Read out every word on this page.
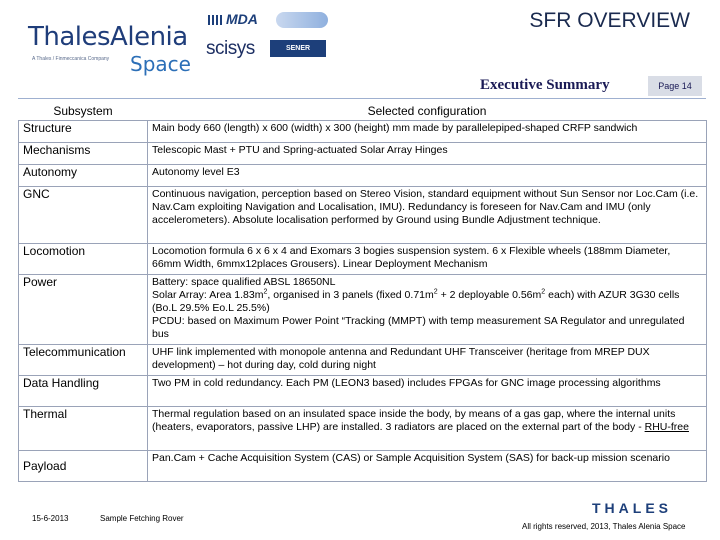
ThalesAlenia
A Thales / Finmeccanica Company Space
MDA
scisys	SENER
SFR OVERVIEW
Executive Summary	Page 14
Subsystem	Selected configuration
Structure	Main body 660 (length) x 600 (width) x 300 (height) mm made by parallelepiped-shaped CRFP sandwich
Mechanisms	Telescopic Mast + PTU and Spring-actuated Solar Array Hinges
Autonomy	Autonomy level E3
GNC	Continuous navigation, perception based on Stereo Vision, standard equipment without Sun Sensor nor Loc.Cam (i.e. Nav.Cam exploiting Navigation and Localisation, IMU). Redundancy is foreseen for Nav.Cam and IMU (only accelerometers). Absolute localisation performed by Ground using Bundle Adjustment technique.
Locomotion	Locomotion formula 6 x 6 x 4 and Exomars 3 bogies suspension system. 6 x Flexible wheels (188mm Diameter, 66mm Width, 6mmx12places Grousers). Linear Deployment Mechanism
Power	Battery: space qualified ABSL 18650NL
Solar Array: Area $1.83m^2$, organised in 3 panels (fixed $0.71m^2 + 2$ deployable $0.56m^2$ each) with AZUR 3G30 cells (Bo.L 29.5% Eo.L 25.5%)
PCDU: based on Maximum Power Point “Tracking (MMPT) with temp measurement SA Regulator and unregulated bus

Telecommunication	UHF link implemented with monopole antenna and Redundant UHF Transceiver (heritage from MREP DUX development) – hot during day, cold during night
Data Handling	Two PM in cold redundancy. Each PM (LEON3 based) includes FPGAs for GNC image processing algorithms
Thermal	Thermal regulation based on an insulated space inside the body, by means of a gas gap, where the internal units (heaters, evaporators, passive LHP) are installed. 3 radiators are placed on the external part of the body - RHU-free
Payload	Pan.Cam + Cache Acquisition System (CAS) or Sample Acquisition System (SAS) for back-up mission scenario
15-6-2013	Sample Fetching Rover
THALES
All rights reserved, 2013, Thales Alenia Space
